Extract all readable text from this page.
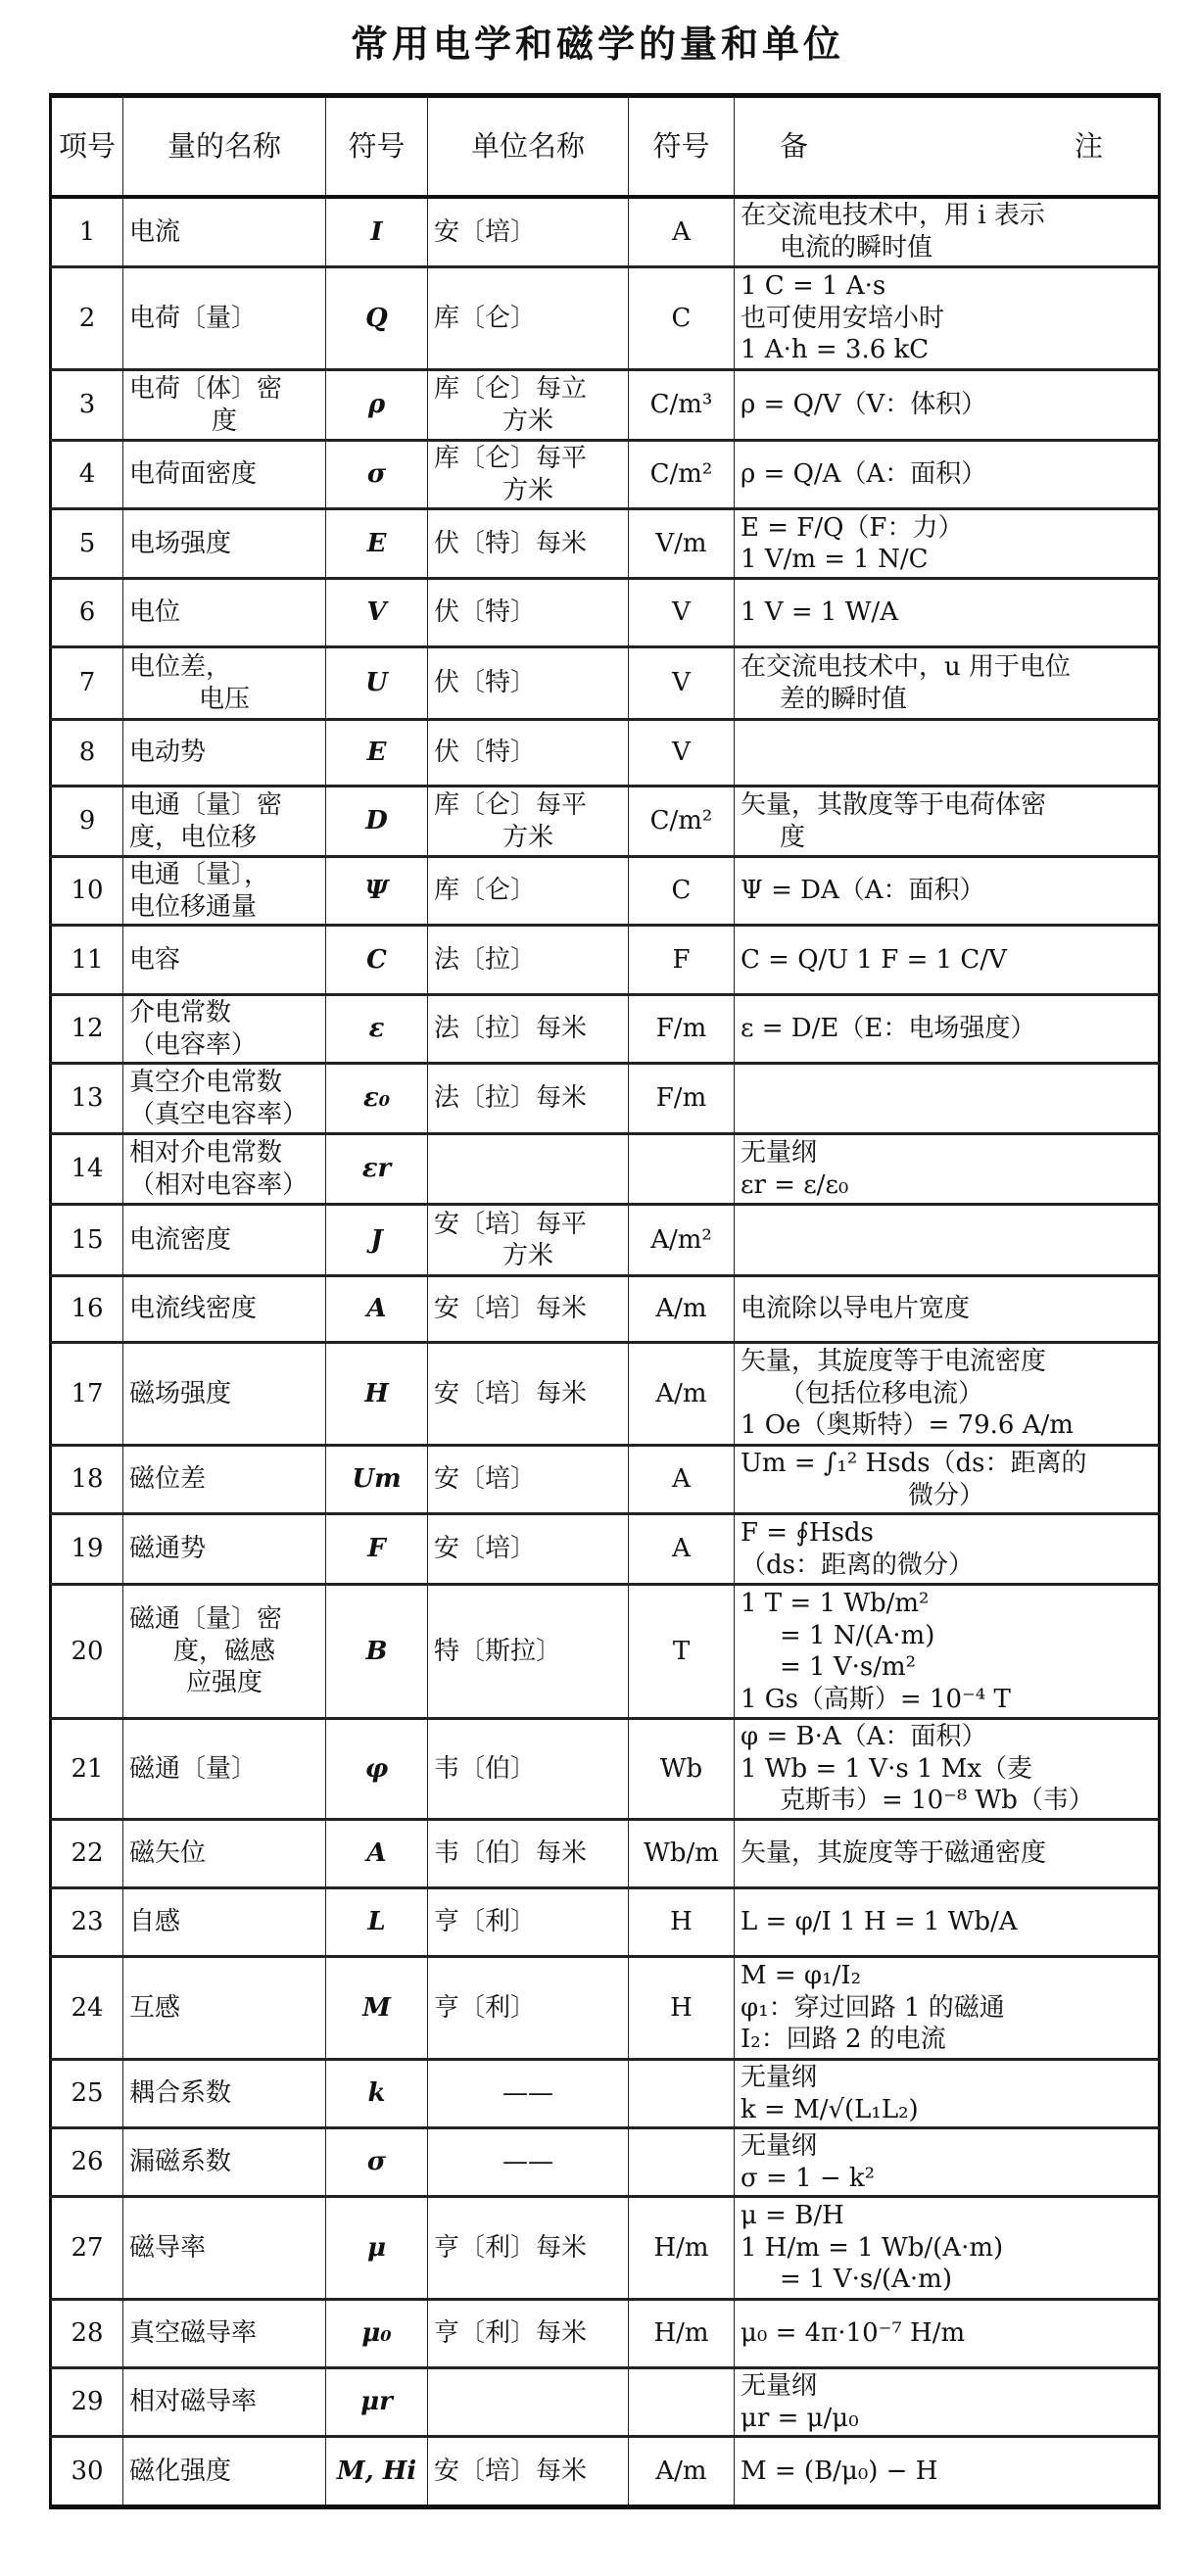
常用电学和磁学的量和单位
项号	量的名称	符号	单位名称	符号	备 注

1	电流	I	安〔培〕	A	在交流电技术中，用 i 表示
电流的瞬时值

2	电荷〔量〕	Q	库〔仑〕	C	1 C = 1 A·s
也可使用安培小时
1 A·h = 3.6 kC

3	电荷〔体〕密
度	ρ	库〔仑〕每立
方米	C/m³	ρ = Q/V（V：体积）

4	电荷面密度	σ	库〔仑〕每平
方米	C/m²	ρ = Q/A（A：面积）

5	电场强度	E	伏〔特〕每米	V/m	E = F/Q（F：力）
1 V/m = 1 N/C

6	电位	V	伏〔特〕	V	1 V = 1 W/A

7	电位差，
电压	U	伏〔特〕	V	在交流电技术中，u 用于电位
差的瞬时值

8	电动势	E	伏〔特〕	V	
9	电通〔量〕密
度，电位移	D	库〔仑〕每平
方米	C/m²	矢量，其散度等于电荷体密
度

10	电通〔量〕，
电位移通量	Ψ	库〔仑〕	C	Ψ = DA（A：面积）

11	电容	C	法〔拉〕	F	C = Q/U 1 F = 1 C/V

12	介电常数
（电容率）	ε	法〔拉〕每米	F/m	ε = D/E（E：电场强度）

13	真空介电常数
（真空电容率）	ε₀	法〔拉〕每米	F/m	
14	相对介电常数
（相对电容率）	εr			无量纲
εr = ε/ε₀

15	电流密度	J	安〔培〕每平
方米	A/m²	
16	电流线密度	A	安〔培〕每米	A/m	电流除以导电片宽度

17	磁场强度	H	安〔培〕每米	A/m	矢量，其旋度等于电流密度
（包括位移电流）
1 Oe（奥斯特）= 79.6 A/m

18	磁位差	Um	安〔培〕	A	Um = ∫₁² Hsds（ds：距离的
微分）

19	磁通势	F	安〔培〕	A	F = ∮Hsds
（ds：距离的微分）

20	磁通〔量〕密
度，磁感
应强度	B	特〔斯拉〕	T	1 T = 1 Wb/m²
= 1 N/(A·m)
= 1 V·s/m²
1 Gs（高斯）= 10⁻⁴ T

21	磁通〔量〕	φ	韦〔伯〕	Wb	φ = B·A（A：面积）
1 Wb = 1 V·s 1 Mx（麦
克斯韦）= 10⁻⁸ Wb（韦）

22	磁矢位	A	韦〔伯〕每米	Wb/m	矢量，其旋度等于磁通密度

23	自感	L	亨〔利〕	H	L = φ/I 1 H = 1 Wb/A

24	互感	M	亨〔利〕	H	M = φ₁/I₂
φ₁：穿过回路 1 的磁通
I₂：回路 2 的电流

25	耦合系数	k	——		无量纲
k = M/√(L₁L₂)

26	漏磁系数	σ	——		无量纲
σ = 1 − k²

27	磁导率	μ	亨〔利〕每米	H/m	μ = B/H
1 H/m = 1 Wb/(A·m)
= 1 V·s/(A·m)

28	真空磁导率	μ₀	亨〔利〕每米	H/m	μ₀ = 4π·10⁻⁷ H/m

29	相对磁导率	μr			无量纲
μr = μ/μ₀

30	磁化强度	M, Hi	安〔培〕每米	A/m	M = (B/μ₀) − H
